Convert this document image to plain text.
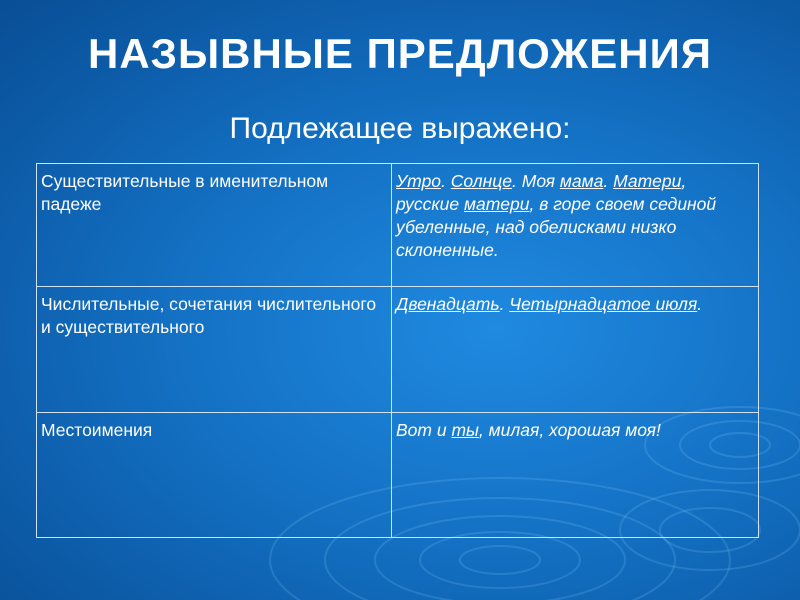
НАЗЫВНЫЕ ПРЕДЛОЖЕНИЯ
Подлежащее выражено:
Существительные в именительном падеже	Утро. Солнце. Моя мама. Матери, русские матери, в горе своем сединой убеленные, над обелисками низко склоненные.
Числительные, сочетания числительного и существительного	Двенадцать. Четырнадцатое июля.
Местоимения	Вот и ты, милая, хорошая моя!
